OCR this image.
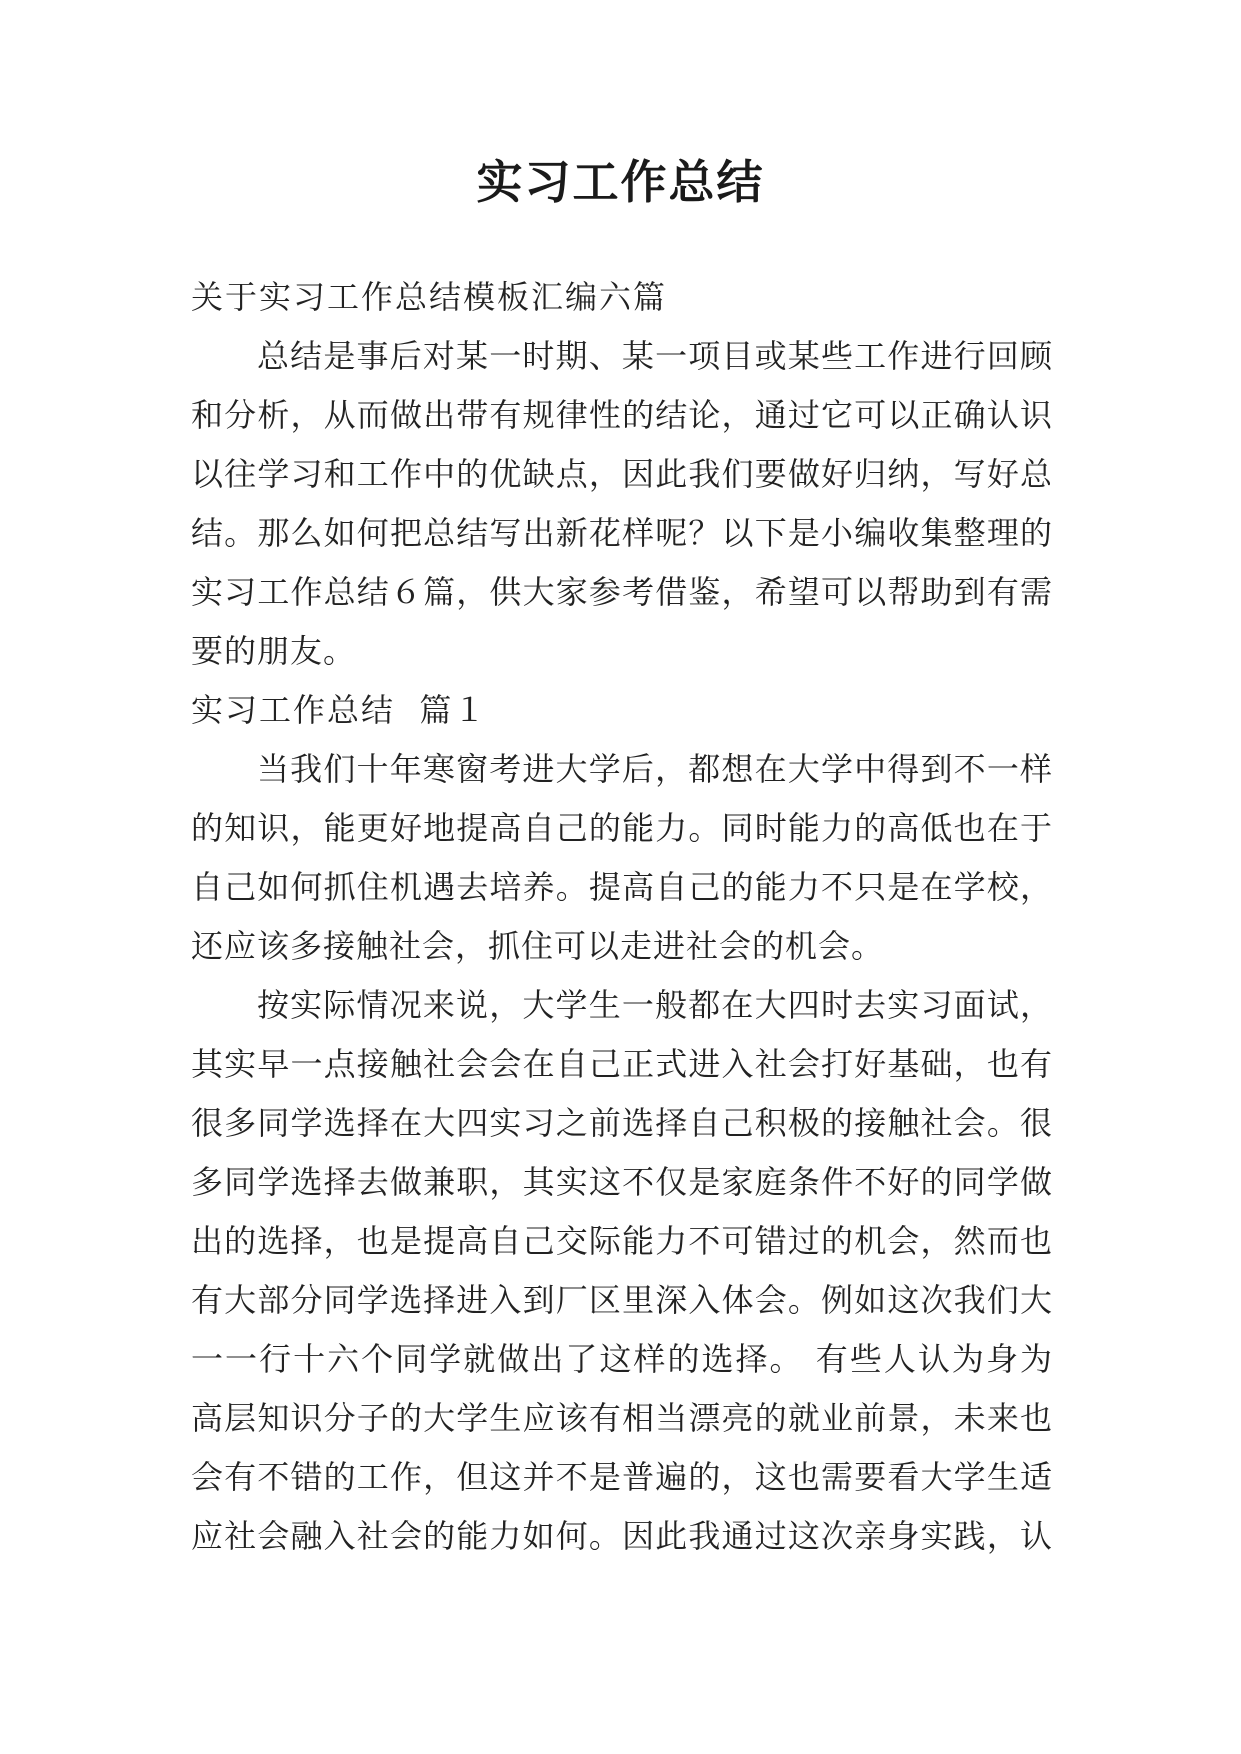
实习工作总结
关于实习工作总结模板汇编六篇
总结是事后对某一时期、某一项目或某些工作进行回顾
和分析，从而做出带有规律性的结论，通过它可以正确认识
以往学习和工作中的优缺点，因此我们要做好归纳，写好总
结。那么如何把总结写出新花样呢？以下是小编收集整理的
实习工作总结６篇，供大家参考借鉴，希望可以帮助到有需
要的朋友。
实习工作总结  篇１
当我们十年寒窗考进大学后，都想在大学中得到不一样
的知识，能更好地提高自己的能力。同时能力的高低也在于
自己如何抓住机遇去培养。提高自己的能力不只是在学校，
还应该多接触社会，抓住可以走进社会的机会。
按实际情况来说，大学生一般都在大四时去实习面试，
其实早一点接触社会会在自己正式进入社会打好基础，也有
很多同学选择在大四实习之前选择自己积极的接触社会。很
多同学选择去做兼职，其实这不仅是家庭条件不好的同学做
出的选择，也是提高自己交际能力不可错过的机会，然而也
有大部分同学选择进入到厂区里深入体会。例如这次我们大
一一行十六个同学就做出了这样的选择。 有些人认为身为
高层知识分子的大学生应该有相当漂亮的就业前景，未来也
会有不错的工作，但这并不是普遍的，这也需要看大学生适
应社会融入社会的能力如何。因此我通过这次亲身实践，认
